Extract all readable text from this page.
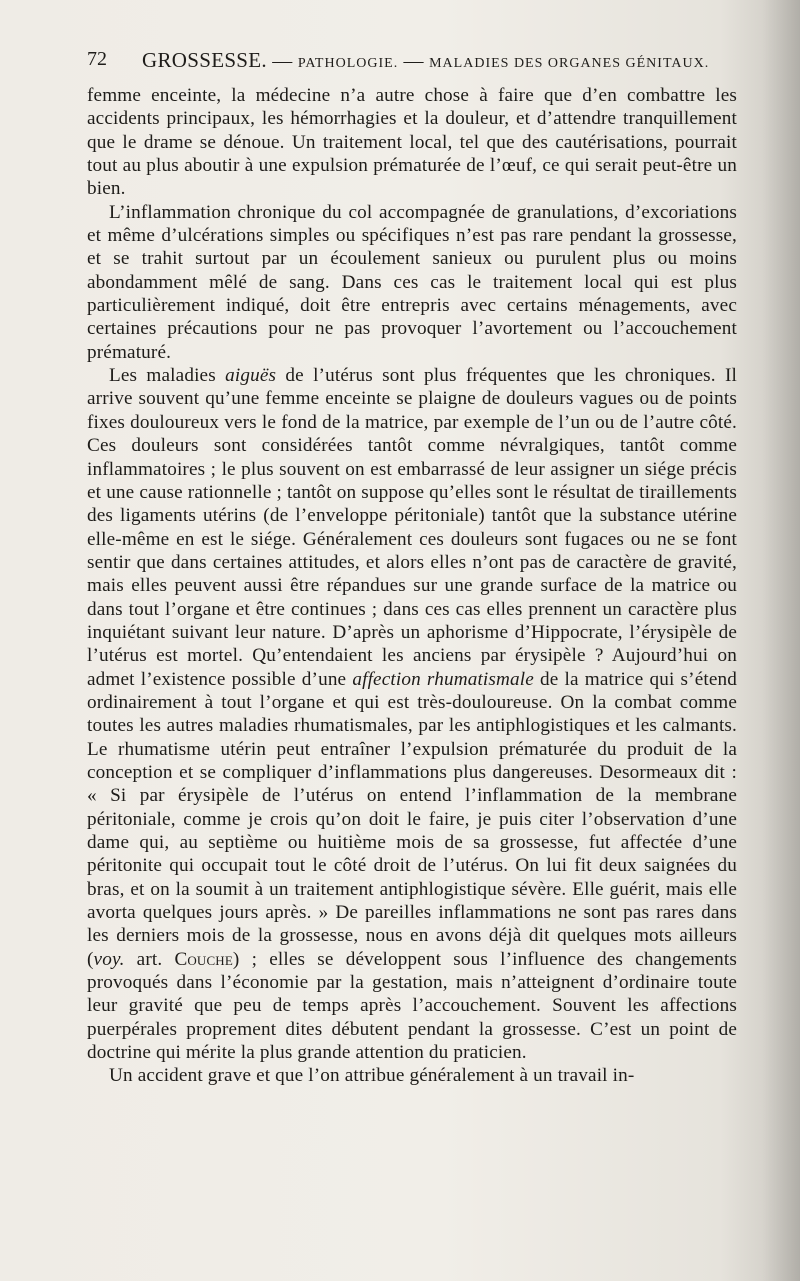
72 GROSSESSE. — PATHOLOGIE. — MALADIES DES ORGANES GÉNITAUX.

femme enceinte, la médecine n’a autre chose à faire que d’en combattre les accidents principaux, les hémorrhagies et la douleur, et d’attendre tranquillement que le drame se dénoue. Un traitement local, tel que des cautérisations, pourrait tout au plus aboutir à une expulsion prématurée de l’œuf, ce qui serait peut-être un bien.

L’inflammation chronique du col accompagnée de granulations, d’excoriations et même d’ulcérations simples ou spécifiques n’est pas rare pendant la grossesse, et se trahit surtout par un écoulement sanieux ou purulent plus ou moins abondamment mêlé de sang. Dans ces cas le traitement local qui est plus particulièrement indiqué, doit être entrepris avec certains ménagements, avec certaines précautions pour ne pas provoquer l’avortement ou l’accouchement prématuré.

Les maladies aiguës de l’utérus sont plus fréquentes que les chroniques. Il arrive souvent qu’une femme enceinte se plaigne de douleurs vagues ou de points fixes douloureux vers le fond de la matrice, par exemple de l’un ou de l’autre côté. Ces douleurs sont considérées tantôt comme névralgiques, tantôt comme inflammatoires ; le plus souvent on est embarrassé de leur assigner un siége précis et une cause rationnelle ; tantôt on suppose qu’elles sont le résultat de tiraillements des ligaments utérins (de l’enveloppe péritoniale) tantôt que la substance utérine elle-même en est le siége. Généralement ces douleurs sont fugaces ou ne se font sentir que dans certaines attitudes, et alors elles n’ont pas de caractère de gravité, mais elles peuvent aussi être répandues sur une grande surface de la matrice ou dans tout l’organe et être continues ; dans ces cas elles prennent un caractère plus inquiétant suivant leur nature. D’après un aphorisme d’Hippocrate, l’érysipèle de l’utérus est mortel. Qu’entendaient les anciens par érysipèle ? Aujourd’hui on admet l’existence possible d’une affection rhumatismale de la matrice qui s’étend ordinairement à tout l’organe et qui est très-douloureuse. On la combat comme toutes les autres maladies rhumatismales, par les antiphlogistiques et les calmants. Le rhumatisme utérin peut entraîner l’expulsion prématurée du produit de la conception et se compliquer d’inflammations plus dangereuses. Desormeaux dit : « Si par érysipèle de l’utérus on entend l’inflammation de la membrane péritoniale, comme je crois qu’on doit le faire, je puis citer l’observation d’une dame qui, au septième ou huitième mois de sa grossesse, fut affectée d’une péritonite qui occupait tout le côté droit de l’utérus. On lui fit deux saignées du bras, et on la soumit à un traitement antiphlogistique sévère. Elle guérit, mais elle avorta quelques jours après. » De pareilles inflammations ne sont pas rares dans les derniers mois de la grossesse, nous en avons déjà dit quelques mots ailleurs (voy. art. Couche) ; elles se développent sous l’influence des changements provoqués dans l’économie par la gestation, mais n’atteignent d’ordinaire toute leur gravité que peu de temps après l’accouchement. Souvent les affections puerpérales proprement dites débutent pendant la grossesse. C’est un point de doctrine qui mérite la plus grande attention du praticien.

Un accident grave et que l’on attribue généralement à un travail in-
